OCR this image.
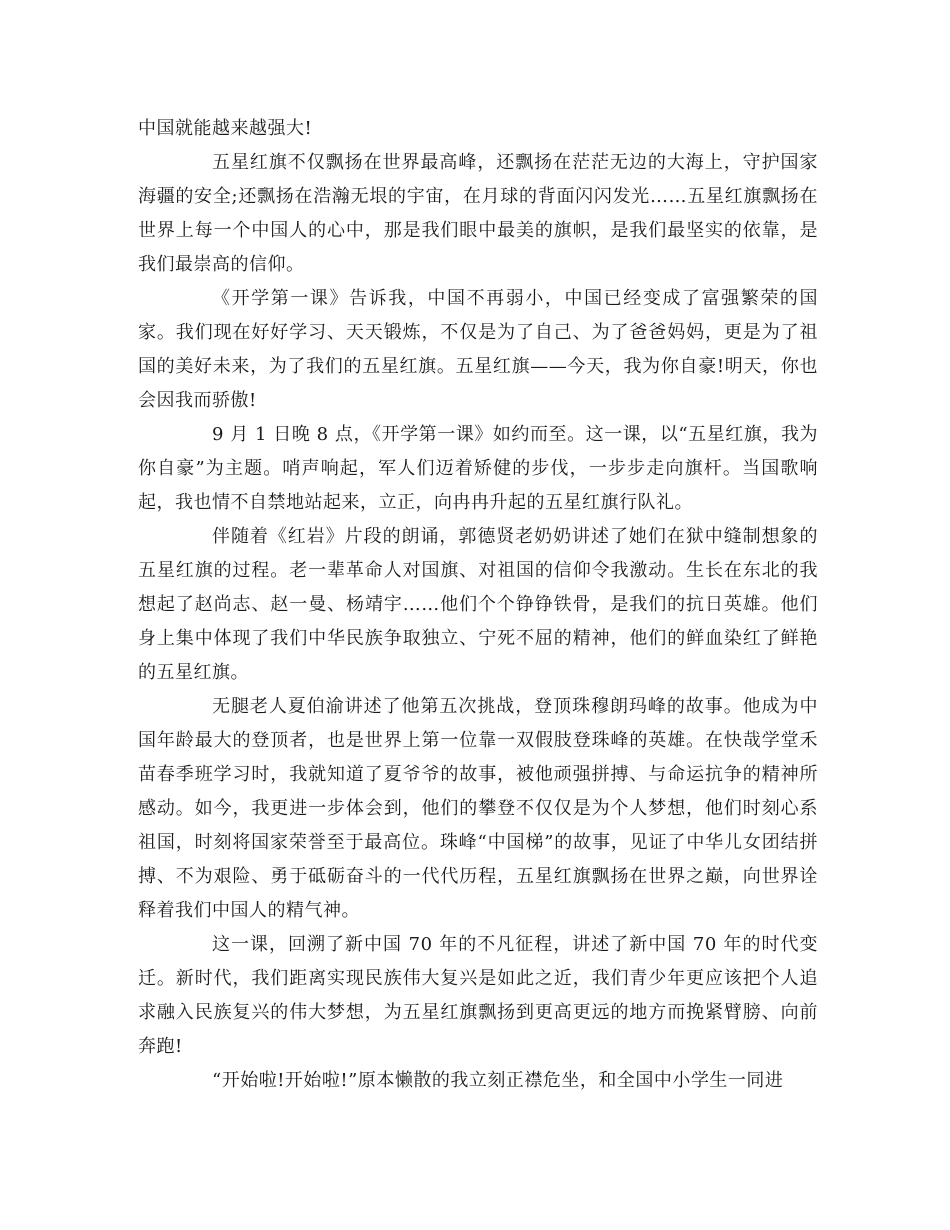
中国就能越来越强大!

五星红旗不仅飘扬在世界最高峰，还飘扬在茫茫无边的大海上，守护国家海疆的安全;还飘扬在浩瀚无垠的宇宙，在月球的背面闪闪发光……五星红旗飘扬在世界上每一个中国人的心中，那是我们眼中最美的旗帜，是我们最坚实的依靠，是我们最崇高的信仰。

《开学第一课》告诉我，中国不再弱小，中国已经变成了富强繁荣的国家。我们现在好好学习、天天锻炼，不仅是为了自己、为了爸爸妈妈，更是为了祖国的美好未来，为了我们的五星红旗。五星红旗——今天，我为你自豪!明天，你也会因我而骄傲!

9 月 1 日晚 8 点，《开学第一课》如约而至。这一课，以“五星红旗，我为你自豪”为主题。哨声响起，军人们迈着矫健的步伐，一步步走向旗杆。当国歌响起，我也情不自禁地站起来，立正，向冉冉升起的五星红旗行队礼。

伴随着《红岩》片段的朗诵，郭德贤老奶奶讲述了她们在狱中缝制想象的五星红旗的过程。老一辈革命人对国旗、对祖国的信仰令我激动。生长在东北的我想起了赵尚志、赵一曼、杨靖宇……他们个个铮铮铁骨，是我们的抗日英雄。他们身上集中体现了我们中华民族争取独立、宁死不屈的精神，他们的鲜血染红了鲜艳的五星红旗。

无腿老人夏伯渝讲述了他第五次挑战，登顶珠穆朗玛峰的故事。他成为中国年龄最大的登顶者，也是世界上第一位靠一双假肢登珠峰的英雄。在快哉学堂禾苗春季班学习时，我就知道了夏爷爷的故事，被他顽强拼搏、与命运抗争的精神所感动。如今，我更进一步体会到，他们的攀登不仅仅是为个人梦想，他们时刻心系祖国，时刻将国家荣誉至于最高位。珠峰“中国梯”的故事，见证了中华儿女团结拼搏、不为艰险、勇于砥砺奋斗的一代代历程，五星红旗飘扬在世界之巅，向世界诠释着我们中国人的精气神。

这一课，回溯了新中国 70 年的不凡征程，讲述了新中国 70 年的时代变迁。新时代，我们距离实现民族伟大复兴是如此之近，我们青少年更应该把个人追求融入民族复兴的伟大梦想，为五星红旗飘扬到更高更远的地方而挽紧臂膀、向前奔跑!

“开始啦!开始啦!”原本懒散的我立刻正襟危坐，和全国中小学生一同进
